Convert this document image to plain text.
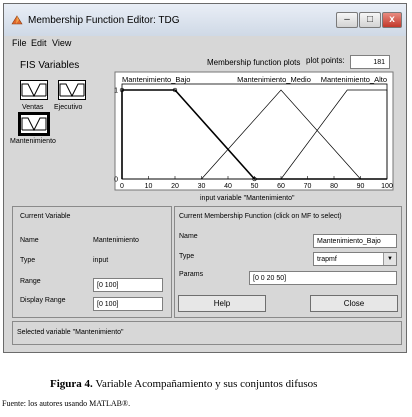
Membership Function Editor: TDG	–	□	x
File Edit View
FIS Variables
Ventas Ejecutivo
Mantenimiento
Membership function plots plot points:	181
0	10	20	30	40	50	60	70	80	90 100
0
1
Mantenimiento_Bajo	Mantenimiento_Medio Mantenimiento_Alto
input variable "Mantenimiento"
Current Variable
Name	Mantenimiento
Type	input
Range
[0 100]
Display Range
[0 100]
Current Membership Function (click on MF to select)
Name
Mantenimiento_Bajo
Type	trapmf	▼
Params
[0 0 20 50]
Help	Close
Selected variable "Mantenimiento"
Figura 4. Variable Acompañamiento y sus conjuntos difusos
Fuente: los autores usando MATLAB®.
